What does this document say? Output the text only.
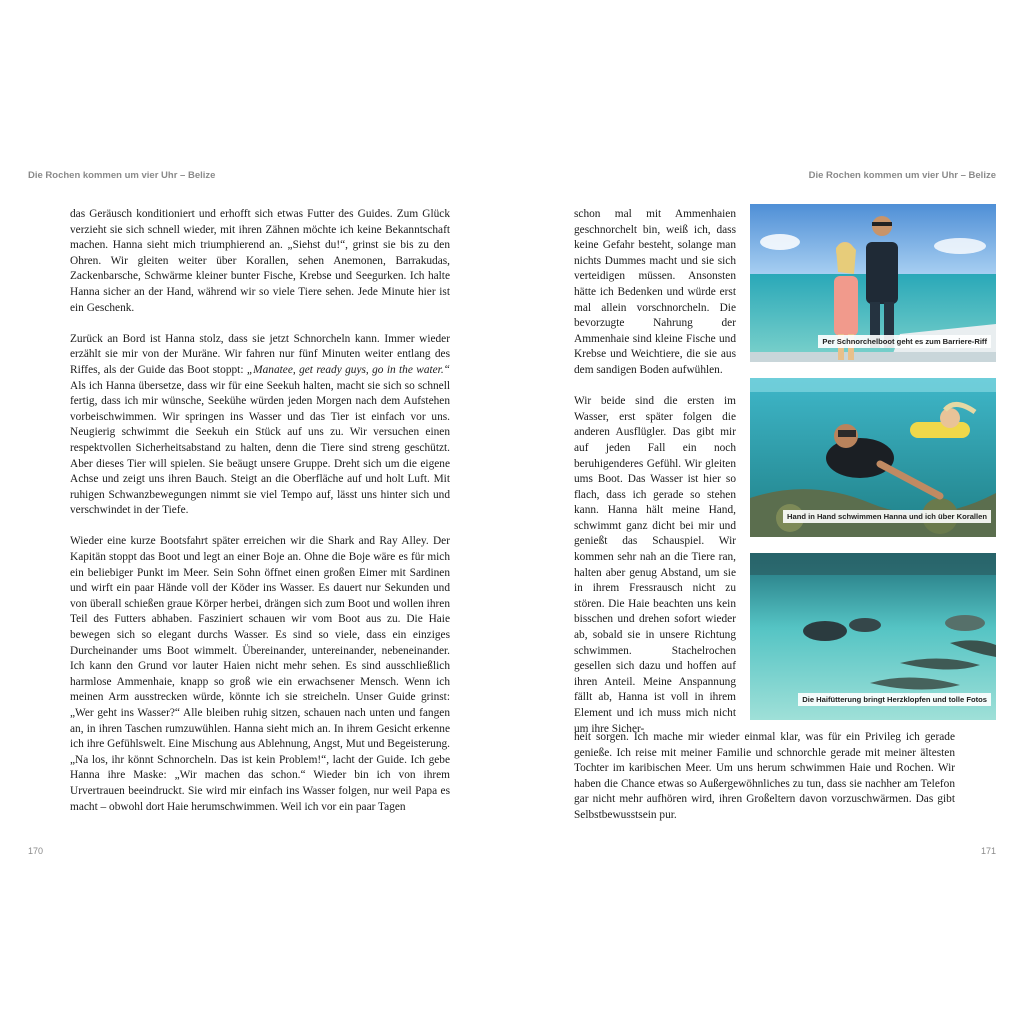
Die Rochen kommen um vier Uhr – Belize	Die Rochen kommen um vier Uhr – Belize

das Geräusch konditioniert und erhofft sich etwas Futter des Guides. Zum Glück verzieht sie sich schnell wieder, mit ihren Zähnen möchte ich keine Bekanntschaft machen. Hanna sieht mich triumphierend an. „Siehst du!“, grinst sie bis zu den Ohren. Wir gleiten weiter über Korallen, sehen Anemonen, Barrakudas, Zackenbarsche, Schwärme kleiner bunter Fische, Krebse und Seegurken. Ich halte Hanna sicher an der Hand, während wir so viele Tiere sehen. Jede Minute hier ist ein Geschenk.

Zurück an Bord ist Hanna stolz, dass sie jetzt Schnorcheln kann. Immer wieder erzählt sie mir von der Muräne. Wir fahren nur fünf Minuten weiter entlang des Riffes, als der Guide das Boot stoppt: „Manatee, get ready guys, go in the water.“ Als ich Hanna übersetze, dass wir für eine Seekuh halten, macht sie sich so schnell fertig, dass ich mir wünsche, Seekühe würden jeden Morgen nach dem Aufstehen vorbeischwimmen. Wir springen ins Wasser und das Tier ist einfach vor uns. Neugierig schwimmt die Seekuh ein Stück auf uns zu. Wir versuchen einen respektvollen Sicherheitsabstand zu halten, denn die Tiere sind streng geschützt. Aber dieses Tier will spielen. Sie beäugt unsere Gruppe. Dreht sich um die eigene Achse und zeigt uns ihren Bauch. Steigt an die Oberfläche auf und holt Luft. Mit ruhigen Schwanzbewegungen nimmt sie viel Tempo auf, lässt uns hinter sich und verschwindet in der Tiefe.

Wieder eine kurze Bootsfahrt später erreichen wir die Shark and Ray Alley. Der Kapitän stoppt das Boot und legt an einer Boje an. Ohne die Boje wäre es für mich ein beliebiger Punkt im Meer. Sein Sohn öffnet einen großen Eimer mit Sardinen und wirft ein paar Hände voll der Köder ins Wasser. Es dauert nur Sekunden und von überall schießen graue Körper herbei, drängen sich zum Boot und wollen ihren Teil des Futters abhaben. Fasziniert schauen wir vom Boot aus zu. Die Haie bewegen sich so elegant durchs Wasser. Es sind so viele, dass ein einziges Durcheinander ums Boot wimmelt. Übereinander, untereinander, nebeneinander. Ich kann den Grund vor lauter Haien nicht mehr sehen. Es sind ausschließlich harmlose Ammenhaie, knapp so groß wie ein erwachsener Mensch. Wenn ich meinen Arm ausstrecken würde, könnte ich sie streicheln. Unser Guide grinst: „Wer geht ins Wasser?“ Alle bleiben ruhig sitzen, schauen nach unten und fangen an, in ihren Taschen rumzuwühlen. Hanna sieht mich an. In ihrem Gesicht erkenne ich ihre Gefühlswelt. Eine Mischung aus Ablehnung, Angst, Mut und Begeisterung. „Na los, ihr könnt Schnorcheln. Das ist kein Problem!“, lacht der Guide. Ich gebe Hanna ihre Maske: „Wir machen das schon.“ Wieder bin ich von ihrem Urvertrauen beeindruckt. Sie wird mir einfach ins Wasser folgen, nur weil Papa es macht – obwohl dort Haie herumschwimmen. Weil ich vor ein paar Tagen

schon mal mit Ammenhaien geschnorchelt bin, weiß ich, dass keine Gefahr besteht, solange man nichts Dummes macht und sie sich verteidigen müssen. Ansonsten hätte ich Bedenken und würde erst mal allein vorschnorcheln. Die bevorzugte Nahrung der Ammenhaie sind kleine Fische und Krebse und Weichtiere, die sie aus dem sandigen Boden aufwühlen.

Wir beide sind die ersten im Wasser, erst später folgen die anderen Ausflügler. Das gibt mir auf jeden Fall ein noch beruhigenderes Gefühl. Wir gleiten ums Boot. Das Wasser ist hier so flach, dass ich gerade so stehen kann. Hanna hält meine Hand, schwimmt ganz dicht bei mir und genießt das Schauspiel. Wir kommen sehr nah an die Tiere ran, halten aber genug Abstand, um sie in ihrem Fressrausch nicht zu stören. Die Haie beachten uns kein bisschen und drehen sofort wieder ab, sobald sie in unsere Richtung schwimmen. Stachelrochen gesellen sich dazu und hoffen auf ihren Anteil. Meine Anspannung fällt ab, Hanna ist voll in ihrem Element und ich muss mich nicht um ihre Sicher-

heit sorgen. Ich mache mir wieder einmal klar, was für ein Privileg ich gerade genieße. Ich reise mit meiner Familie und schnorchle gerade mit meiner ältesten Tochter im karibischen Meer. Um uns herum schwimmen Haie und Rochen. Wir haben die Chance etwas so Außergewöhnliches zu tun, dass sie nachher am Telefon gar nicht mehr aufhören wird, ihren Großeltern davon vorzuschwärmen. Das gibt Selbstbewusstsein pur.

Per Schnorchelboot geht es zum Barriere-Riff
Hand in Hand schwimmen Hanna und ich über Korallen
Die Haifütterung bringt Herzklopfen und tolle Fotos
170	171
